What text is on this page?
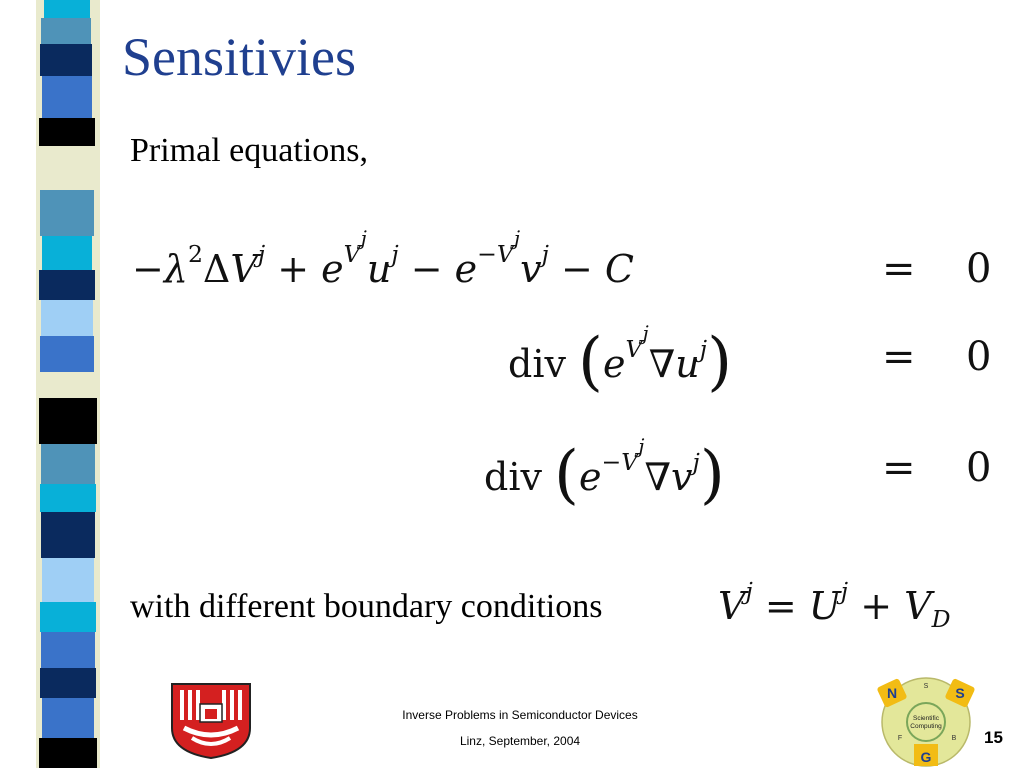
Sensitivies
Primal equations,
$-\lambda^2\Delta V^j + e^{V^j}u^j - e^{-V^j}v^j - C$	= 0
div $(e^{V^j}\nabla u^j)$	= 0
div $(e^{-V^j}\nabla v^j)$	= 0
with different boundary conditions	$V^j = U^j + V_D$
Inverse Problems in Semiconductor Devices
Linz, September, 2004
Scientific
Computing
N	S
G
S
F	B 15
